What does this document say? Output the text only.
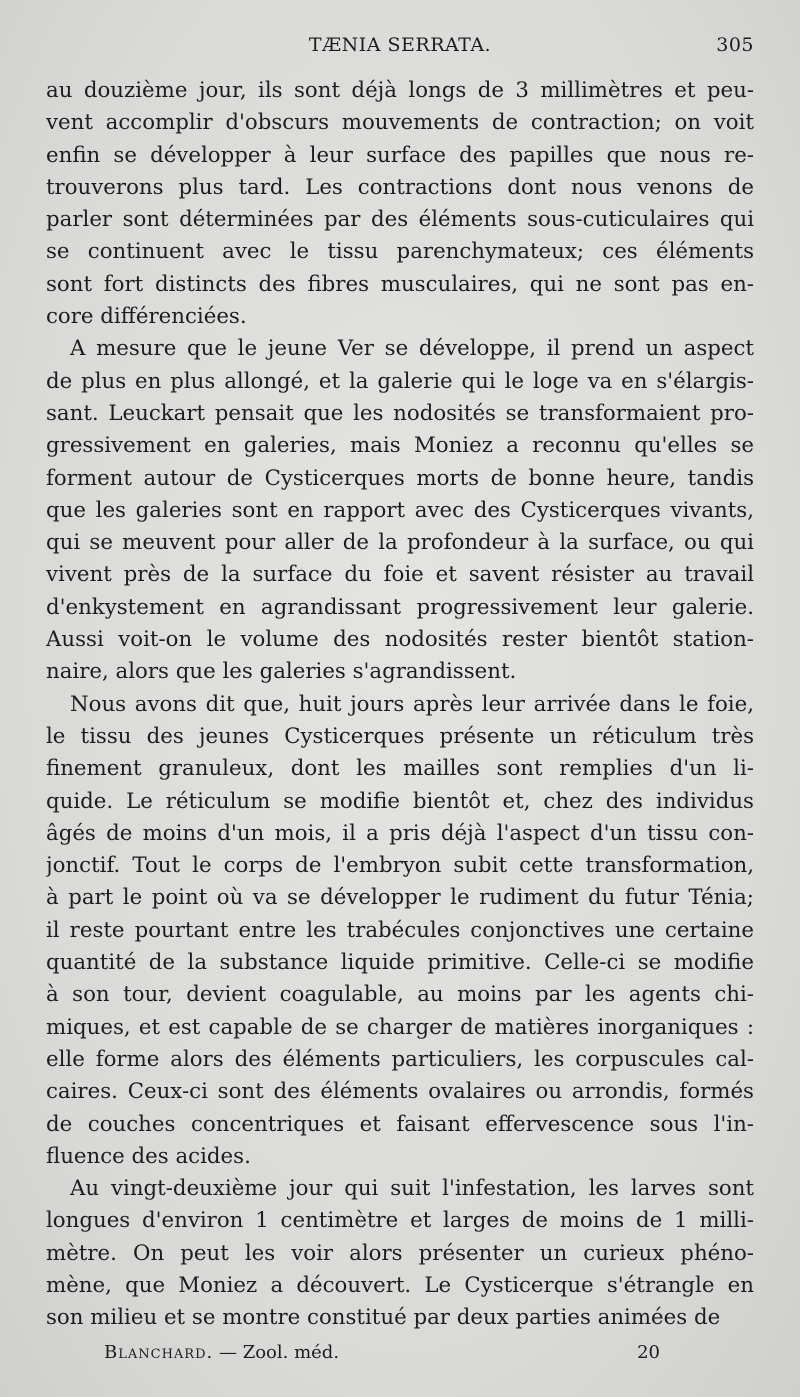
TÆNIA SERRATA.	305
au douzième jour, ils sont déjà longs de 3 millimètres et peu-
vent accomplir d'obscurs mouvements de contraction; on voit
enfin se développer à leur surface des papilles que nous re-
trouverons plus tard. Les contractions dont nous venons de
parler sont déterminées par des éléments sous-cuticulaires qui
se continuent avec le tissu parenchymateux; ces éléments
sont fort distincts des fibres musculaires, qui ne sont pas en-
core différenciées.
A mesure que le jeune Ver se développe, il prend un aspect
de plus en plus allongé, et la galerie qui le loge va en s'élargis-
sant. Leuckart pensait que les nodosités se transformaient pro-
gressivement en galeries, mais Moniez a reconnu qu'elles se
forment autour de Cysticerques morts de bonne heure, tandis
que les galeries sont en rapport avec des Cysticerques vivants,
qui se meuvent pour aller de la profondeur à la surface, ou qui
vivent près de la surface du foie et savent résister au travail
d'enkystement en agrandissant progressivement leur galerie.
Aussi voit-on le volume des nodosités rester bientôt station-
naire, alors que les galeries s'agrandissent.
Nous avons dit que, huit jours après leur arrivée dans le foie,
le tissu des jeunes Cysticerques présente un réticulum très
finement granuleux, dont les mailles sont remplies d'un li-
quide. Le réticulum se modifie bientôt et, chez des individus
âgés de moins d'un mois, il a pris déjà l'aspect d'un tissu con-
jonctif. Tout le corps de l'embryon subit cette transformation,
à part le point où va se développer le rudiment du futur Ténia;
il reste pourtant entre les trabécules conjonctives une certaine
quantité de la substance liquide primitive. Celle-ci se modifie
à son tour, devient coagulable, au moins par les agents chi-
miques, et est capable de se charger de matières inorganiques :
elle forme alors des éléments particuliers, les corpuscules cal-
caires. Ceux-ci sont des éléments ovalaires ou arrondis, formés
de couches concentriques et faisant effervescence sous l'in-
fluence des acides.
Au vingt-deuxième jour qui suit l'infestation, les larves sont
longues d'environ 1 centimètre et larges de moins de 1 milli-
mètre. On peut les voir alors présenter un curieux phéno-
mène, que Moniez a découvert. Le Cysticerque s'étrangle en
son milieu et se montre constitué par deux parties animées de
Blanchard. — Zool. méd.	20
